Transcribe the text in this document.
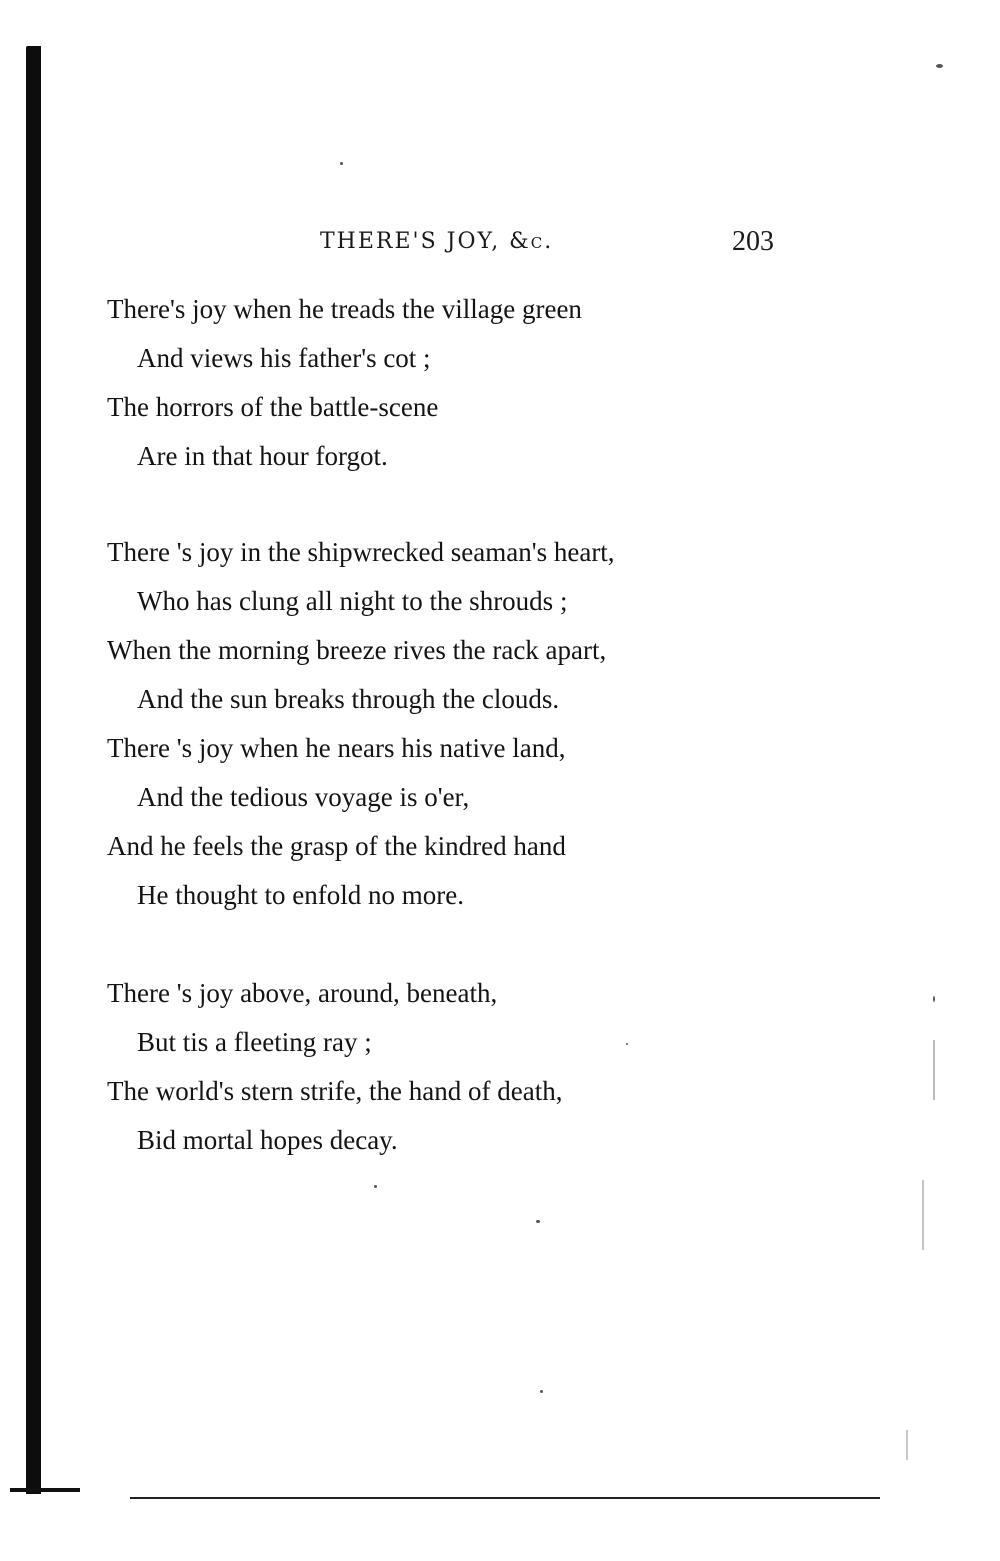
THERE'S JOY, &c.	203
There's joy when he treads the village green
And views his father's cot ;
The horrors of the battle-scene
Are in that hour forgot.
There 's joy in the shipwrecked seaman's heart,
Who has clung all night to the shrouds ;
When the morning breeze rives the rack apart,
And the sun breaks through the clouds.
There 's joy when he nears his native land,
And the tedious voyage is o'er,
And he feels the grasp of the kindred hand
He thought to enfold no more.
There 's joy above, around, beneath,
But tis a fleeting ray ;
The world's stern strife, the hand of death,
Bid mortal hopes decay.
